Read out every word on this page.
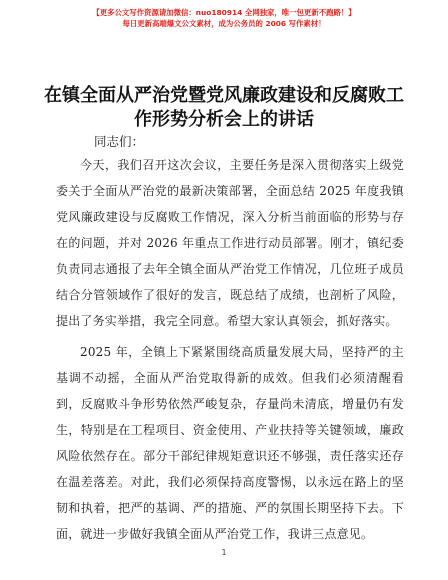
【更多公文写作资源请加微信：nuo180914 全网独家，唯一包更新不跑路！】
每日更新高端爆文公文素材，成为公务员的 2006 写作素材！
在镇全面从严治党暨党风廉政建设和反腐败工作形势分析会上的讲话
同志们：

今天，我们召开这次会议，主要任务是深入贯彻落实上级党委关于全面从严治党的最新决策部署，全面总结 2025 年度我镇党风廉政建设与反腐败工作情况，深入分析当前面临的形势与存在的问题，并对 2026 年重点工作进行动员部署。刚才，镇纪委负责同志通报了去年全镇全面从严治党工作情况，几位班子成员结合分管领域作了很好的发言，既总结了成绩，也剖析了风险，提出了务实举措，我完全同意。希望大家认真领会，抓好落实。

2025 年，全镇上下紧紧围绕高质量发展大局，坚持严的主基调不动摇，全面从严治党取得新的成效。但我们必须清醒看到，反腐败斗争形势依然严峻复杂，存量尚未清底，增量仍有发生，特别是在工程项目、资金使用、产业扶持等关键领域，廉政风险依然存在。部分干部纪律规矩意识还不够强，责任落实还存在温差落差。对此，我们必须保持高度警惕，以永远在路上的坚韧和执着，把严的基调、严的措施、严的氛围长期坚持下去。下面，就进一步做好我镇全面从严治党工作，我讲三点意见。

1
